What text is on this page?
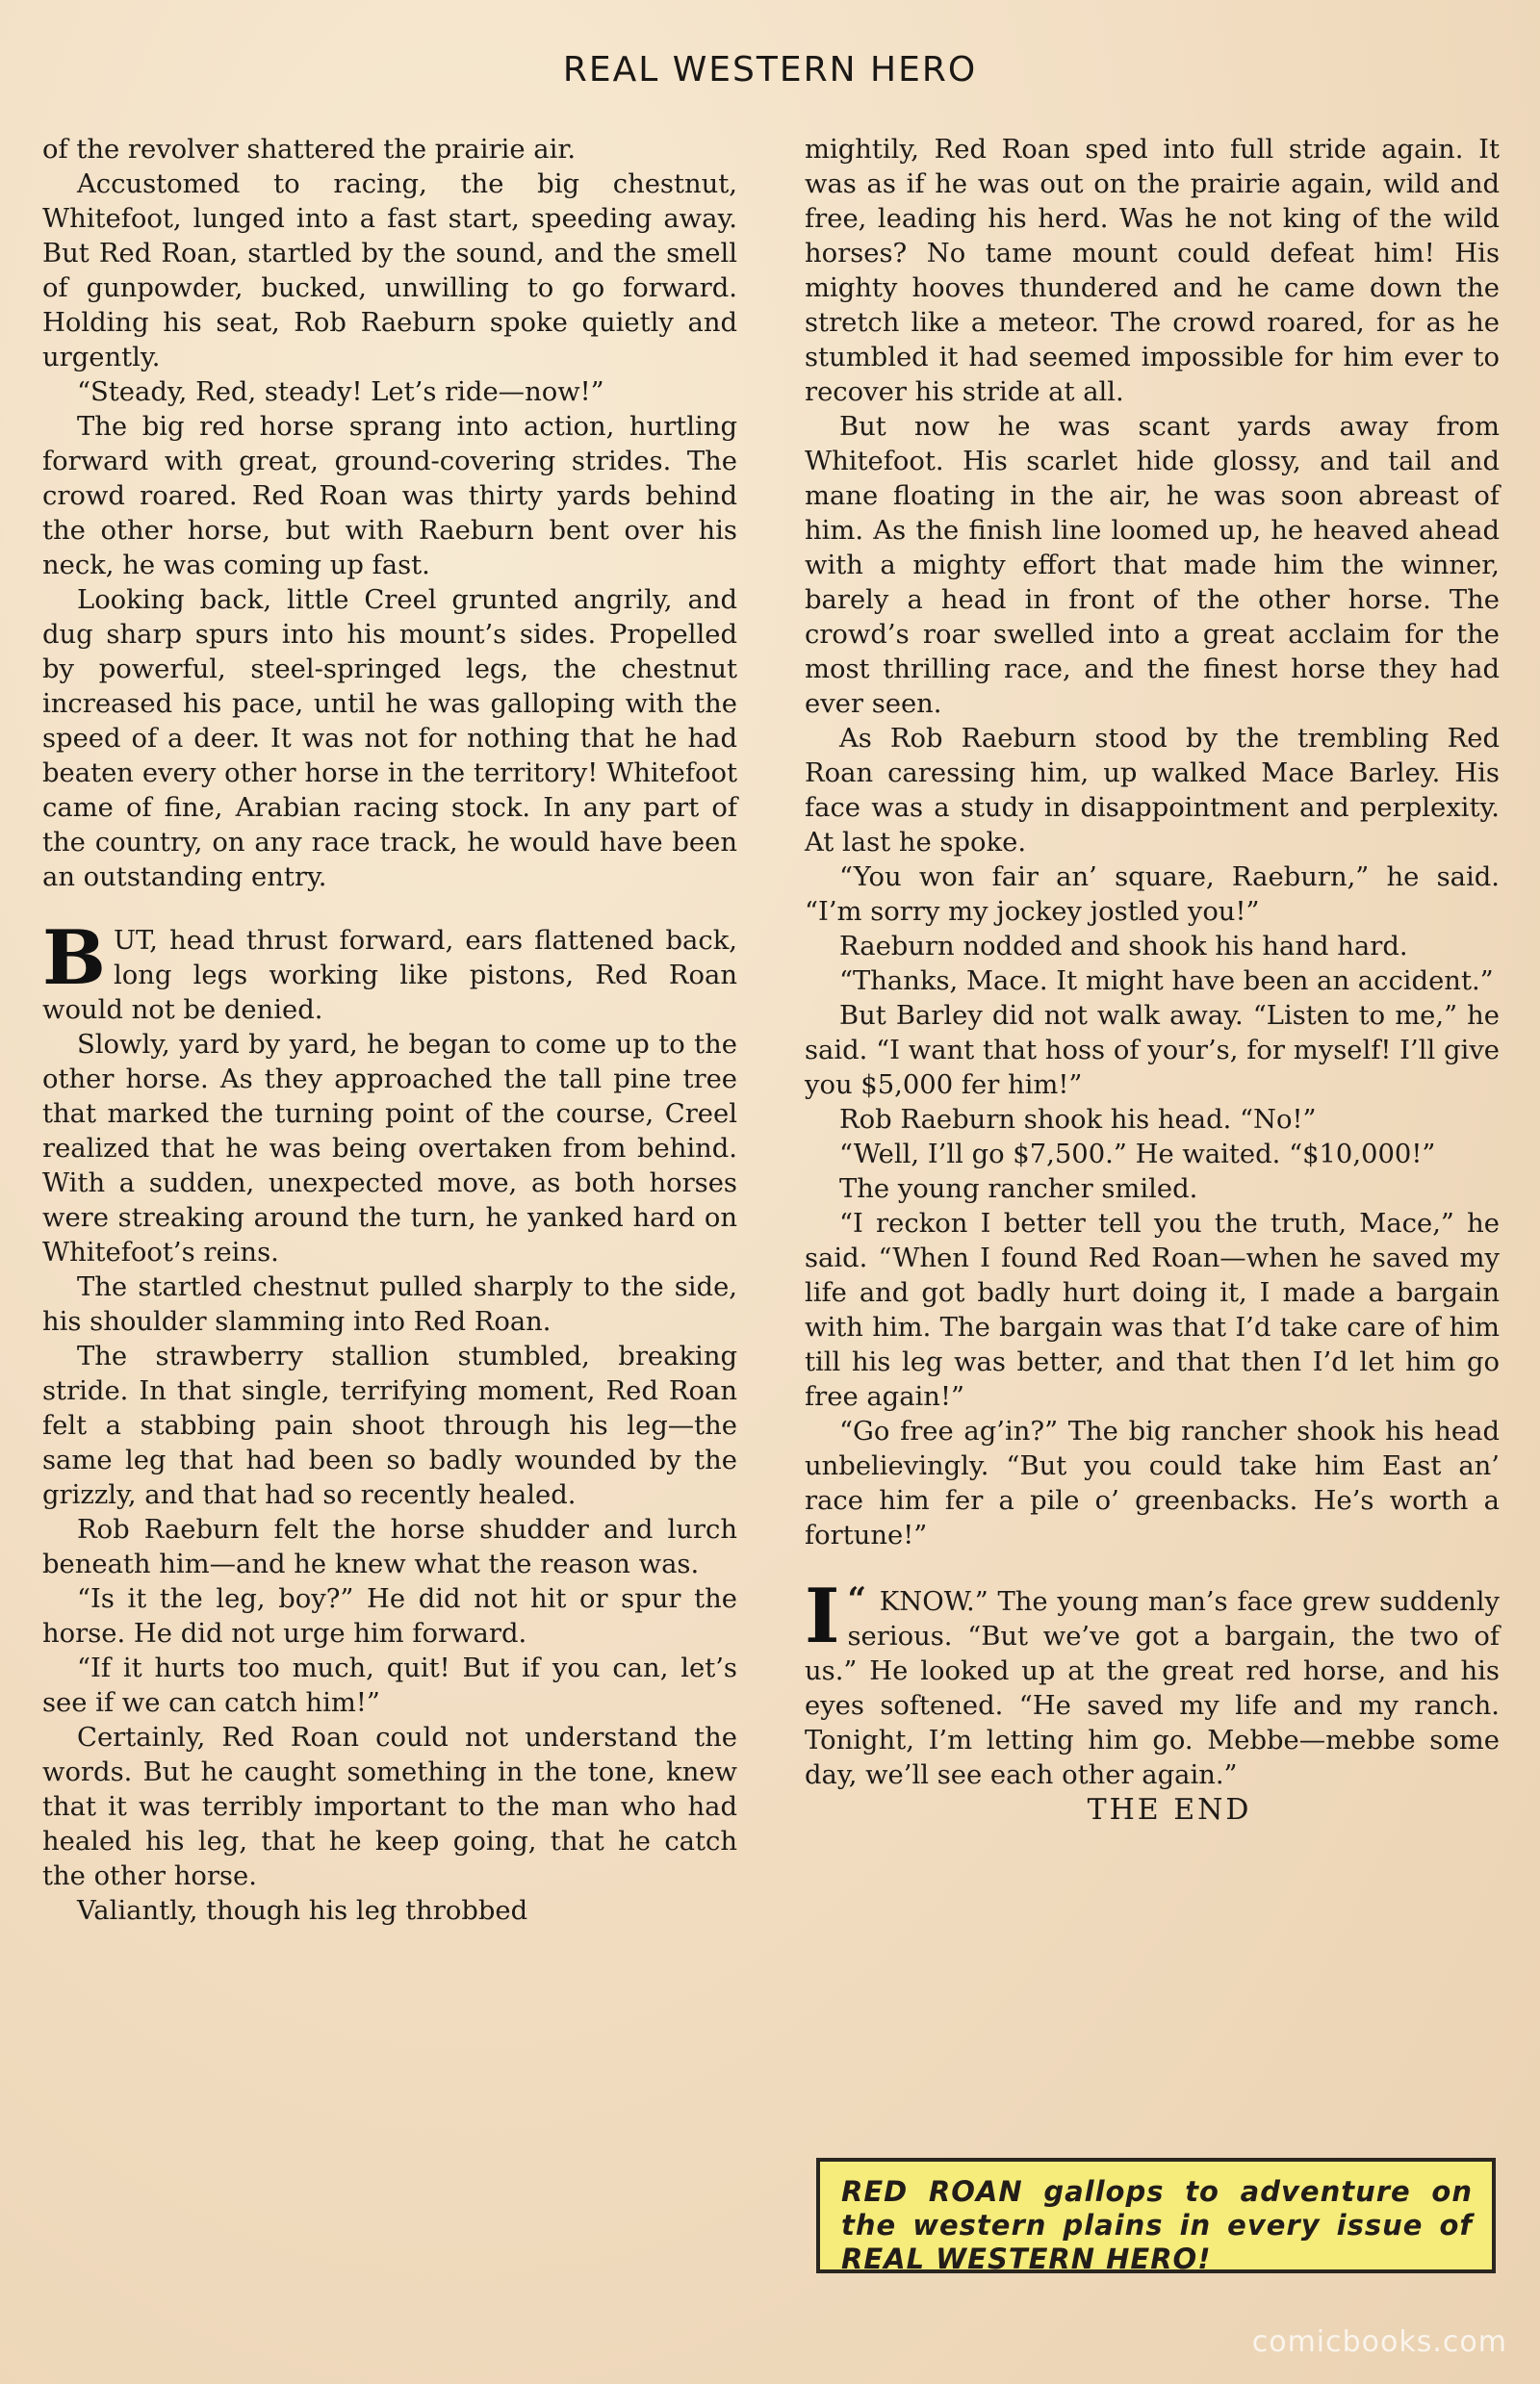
REAL WESTERN HERO

of the revolver shattered the prairie air.

Accustomed to racing, the big chestnut, Whitefoot, lunged into a fast start, speeding away. But Red Roan, startled by the sound, and the smell of gunpowder, bucked, unwilling to go forward. Holding his seat, Rob Raeburn spoke quietly and urgently.

“Steady, Red, steady! Let’s ride—now!”

The big red horse sprang into action, hurtling forward with great, ground-covering strides. The crowd roared. Red Roan was thirty yards behind the other horse, but with Raeburn bent over his neck, he was coming up fast.

Looking back, little Creel grunted angrily, and dug sharp spurs into his mount’s sides. Propelled by powerful, steel-springed legs, the chestnut increased his pace, until he was galloping with the speed of a deer. It was not for nothing that he had beaten every other horse in the territory! Whitefoot came of fine, Arabian racing stock. In any part of the country, on any race track, he would have been an outstanding entry.

BUT, head thrust forward, ears flattened back, long legs working like pistons, Red Roan would not be denied.

Slowly, yard by yard, he began to come up to the other horse. As they approached the tall pine tree that marked the turning point of the course, Creel realized that he was being overtaken from behind. With a sudden, unexpected move, as both horses were streaking around the turn, he yanked hard on Whitefoot’s reins.

The startled chestnut pulled sharply to the side, his shoulder slamming into Red Roan.

The strawberry stallion stumbled, breaking stride. In that single, terrifying moment, Red Roan felt a stabbing pain shoot through his leg—the same leg that had been so badly wounded by the grizzly, and that had so recently healed.

Rob Raeburn felt the horse shudder and lurch beneath him—and he knew what the reason was.

“Is it the leg, boy?” He did not hit or spur the horse. He did not urge him forward.

“If it hurts too much, quit! But if you can, let’s see if we can catch him!”

Certainly, Red Roan could not understand the words. But he caught something in the tone, knew that it was terribly important to the man who had healed his leg, that he keep going, that he catch the other horse.

Valiantly, though his leg throbbed

mightily, Red Roan sped into full stride again. It was as if he was out on the prairie again, wild and free, leading his herd. Was he not king of the wild horses? No tame mount could defeat him! His mighty hooves thundered and he came down the stretch like a meteor. The crowd roared, for as he stumbled it had seemed impossible for him ever to recover his stride at all.

But now he was scant yards away from Whitefoot. His scarlet hide glossy, and tail and mane floating in the air, he was soon abreast of him. As the finish line loomed up, he heaved ahead with a mighty effort that made him the winner, barely a head in front of the other horse. The crowd’s roar swelled into a great acclaim for the most thrilling race, and the finest horse they had ever seen.

As Rob Raeburn stood by the trembling Red Roan caressing him, up walked Mace Barley. His face was a study in disappointment and perplexity. At last he spoke.

“You won fair an’ square, Raeburn,” he said. “I’m sorry my jockey jostled you!”

Raeburn nodded and shook his hand hard.

“Thanks, Mace. It might have been an accident.”

But Barley did not walk away. “Listen to me,” he said. “I want that hoss of your’s, for myself! I’ll give you $5,000 fer him!”

Rob Raeburn shook his head. “No!”

“Well, I’ll go $7,500.” He waited. “$10,000!”

The young rancher smiled.

“I reckon I better tell you the truth, Mace,” he said. “When I found Red Roan—when he saved my life and got badly hurt doing it, I made a bargain with him. The bargain was that I’d take care of him till his leg was better, and that then I’d let him go free again!”

“Go free ag’in?” The big rancher shook his head unbelievingly. “But you could take him East an’ race him fer a pile o’ greenbacks. He’s worth a fortune!”

“
I KNOW.” The young man’s face grew suddenly serious. “But we’ve got a bargain, the two of us.” He looked up at the great red horse, and his eyes softened. “He saved my life and my ranch. Tonight, I’m letting him go. Mebbe—mebbe some day, we’ll see each other again.”

THE END

RED ROAN gallops to adventure on the western plains in every issue of REAL WESTERN HERO!
comicbooks.com
